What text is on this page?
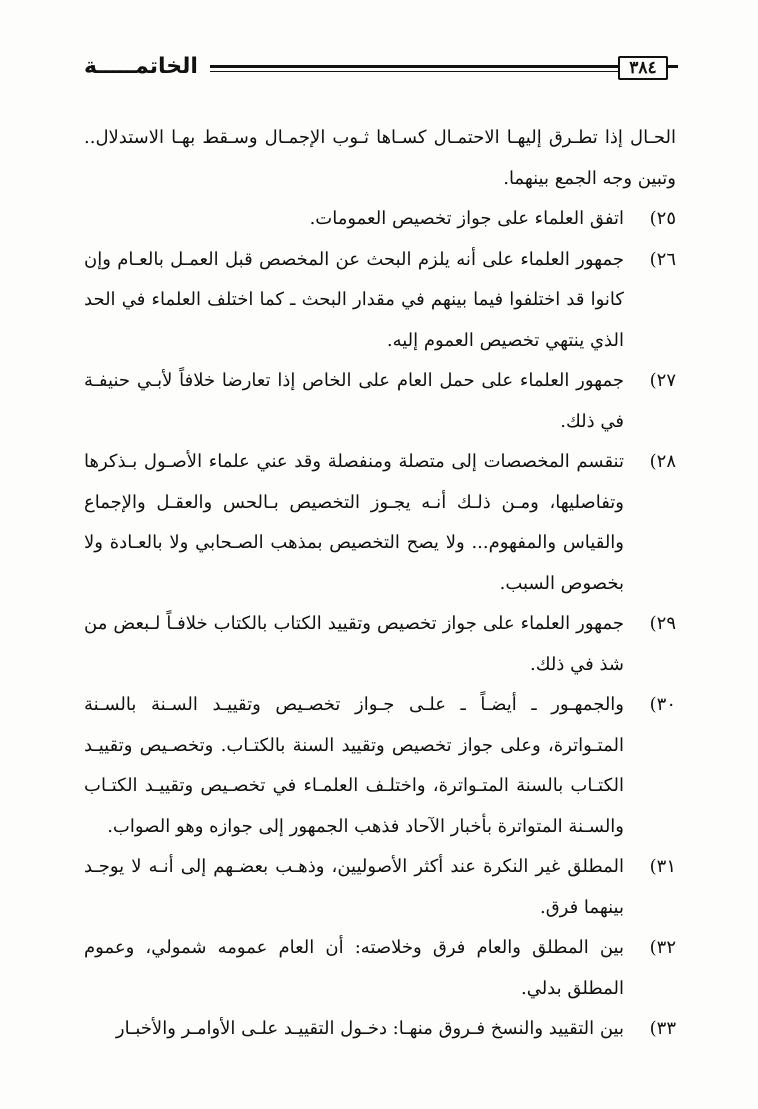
الخاتمـــــة	٣٨٤
الحـال إذا تطـرق إليهـا الاحتمـال كسـاها ثـوب الإجمـال وسـقط بهـا الاستدلال.. وتبين وجه الجمع بينهما.
٢٥)
اتفق العلماء على جواز تخصيص العمومات.
٢٦)
جمهور العلماء على أنه يلزم البحث عن المخصص قبل العمـل بالعـام وإن كانوا قد اختلفوا فيما بينهم في مقدار البحث ـ كما اختلف العلماء في الحد الذي ينتهي تخصيص العموم إليه.
٢٧)
جمهور العلماء على حمل العام على الخاص إذا تعارضا خلافاً لأبـي حنيفـة في ذلك.
٢٨)
تنقسم المخصصات إلى متصلة ومنفصلة وقد عني علماء الأصـول بـذكرها وتفاصليها، ومـن ذلـك أنـه يجـوز التخصيص بـالحس والعقـل والإجماع والقياس والمفهوم... ولا يصح التخصيص بمذهب الصـحابي ولا بالعـادة ولا بخصوص السبب.
٢٩)
جمهور العلماء على جواز تخصيص وتقييد الكتاب بالكتاب خلافـاً لـبعض من شذ في ذلك.
٣٠)
والجمهـور ـ أيضـاً ـ علـى جـواز تخصـيص وتقييـد السـنة بالسـنة المتـواترة، وعلى جواز تخصيص وتقييد السنة بالكتـاب. وتخصـيص وتقييـد الكتـاب بالسنة المتـواترة، واختلـف العلمـاء في تخصـيص وتقييـد الكتـاب والسـنة المتواترة بأخبار الآحاد فذهب الجمهور إلى جوازه وهو الصواب.
٣١)
المطلق غير النكرة عند أكثر الأصوليين، وذهـب بعضـهم إلى أنـه لا يوجـد بينهما فرق.
٣٢)
بين المطلق والعام فرق وخلاصته: أن العام عمومه شمولي، وعموم المطلق بدلي.
٣٣)
بين التقييد والنسخ فـروق منهـا: دخـول التقييـد علـى الأوامـر والأخبـار
